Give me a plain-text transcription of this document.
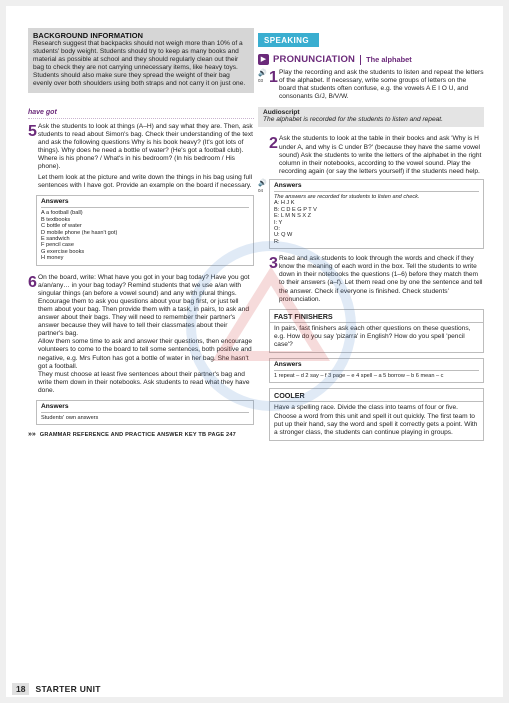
BACKGROUND INFORMATION
Research suggest that backpacks should not weigh more than 10% of a students' body weight. Students should try to keep as many books and material as possible at school and they should regularly clean out their bag to check they are not carrying unnecessary items, like heavy toys. Students should also make sure they spread the weight of their bag evenly over both shoulders using both straps and not carry it on just one.
have got
5 Ask the students to look at things (A–H) and say what they are. Then, ask students to read about Simon's bag. Check their understanding of the text and ask the following questions Why is his book heavy? (It's got lots of things). Why does he need a bottle of water? (He's got a football club). Where is his phone? / What's in his bedroom? (In his bedroom / His phone).
Let them look at the picture and write down the things in his bag using full sentences with I have got. Provide an example on the board if necessary.
Answers
A a football (ball)
B textbooks
C bottle of water
D mobile phone (he hasn't got)
E sandwich
F pencil case
G exercise books
H money
6 On the board, write: What have you got in your bag today? Have you got a/an/any… in your bag today? Remind students that we use a/an with singular things (an before a vowel sound) and any with plural things. Encourage them to ask you questions about your bag first, or just tell them about your bag. Then provide them with a task, in pairs, to ask and answer about their bags. They will need to remember their partner's answer because they will have to tell their classmates about their partner's bag.
Allow them some time to ask and answer their questions, then encourage volunteers to come to the board to tell some sentences, both positive and negative, e.g. Mrs Fulton has got a bottle of water in her bag. She hasn't got a football.
They must choose at least five sentences about their partner's bag and write them down in their notebooks. Ask students to read what they have done.
Answers
Students' own answers
»» GRAMMAR REFERENCE AND PRACTICE ANSWER KEY TB PAGE 247
SPEAKING
▶ PRONUNCIATION The alphabet
🔊
03 1 Play the recording and ask the students to listen and repeat the letters of the alphabet. If necessary, write some groups of letters on the board that students often confuse, e.g. the vowels A E I O U, and consonants G/J, B/V/W.
Audioscript
The alphabet is recorded for the students to listen and repeat.
2 Ask the students to look at the table in their books and ask 'Why is H under A, and why is C under B?' (because they have the same vowel sound) Ask the students to write the letters of the alphabet in the right column in their notebooks, according to the vowel sound. Play the recording again (or say the letters yourself) if the students need help.
🔊
04
Answers
The answers are recorded for students to listen and check.
A: H J K
B: C D E G P T V
E: L M N S X Z
I: Y
O:
U: Q W
R:
3 Read and ask students to look through the words and check if they know the meaning of each word in the box. Tell the students to write down in their notebooks the questions (1–6) before they match them to their answers (a–f). Let them read one by one the sentence and tell the answer. Check if everyone is finished. Check students' pronunciation.
FAST FINISHERS
In pairs, fast finishers ask each other questions on these questions, e.g. How do you say 'pizarra' in English? How do you spell 'pencil case'?
Answers
1 repeat – d 2 say – f 3 page – e 4 spell – a 5 borrow – b 6 mean – c
COOLER
Have a spelling race. Divide the class into teams of four or five. Choose a word from this unit and spell it out quickly. The first team to put up their hand, say the word and spell it correctly gets a point. With a stronger class, the students can continue playing in groups.
18	STARTER UNIT
